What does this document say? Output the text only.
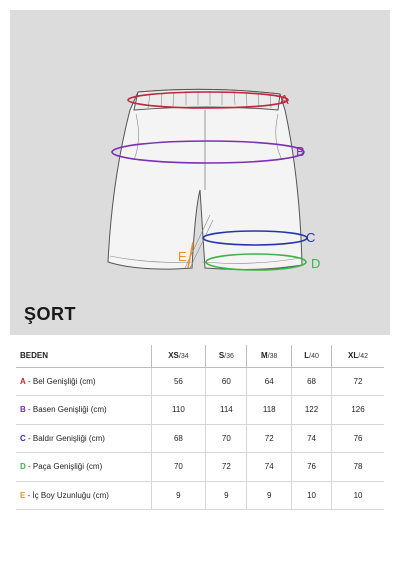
A
B
C
D
E
ŞORT
BEDEN	XS/34	S/36	M/38	L/40	XL/42
A - Bel Genişliği (cm)	56	60	64	68	72
B - Basen Genişliği (cm)	110	114	118	122	126
C - Baldır Genişliği (cm)	68	70	72	74	76
D - Paça Genişliği (cm)	70	72	74	76	78
E - İç Boy Uzunluğu (cm)	9	9	9	10	10
